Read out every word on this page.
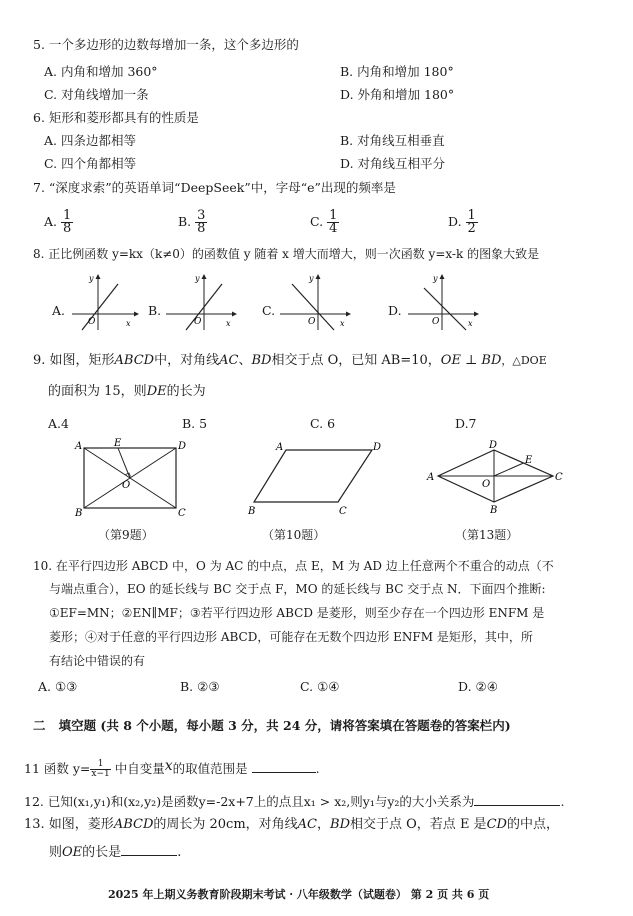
5. 一个多边形的边数每增加一条，这个多边形的
A. 内角和增加 360°	B. 内角和增加 180°
C. 对角线增加一条	D. 外角和增加 180°
6. 矩形和菱形都具有的性质是
A. 四条边都相等	B. 对角线互相垂直
C. 四个角都相等	D. 对角线互相平分
7. “深度求索”的英语单词“DeepSeek”中，字母“e”出现的频率是
A. $\frac{1}{8}$	B. $\frac{3}{8}$	C. $\frac{1}{4}$	D. $\frac{1}{2}$
8. 正比例函数 y=kx（k≠0）的函数值 y 随着 x 增大而增大，则一次函数 y=x-k 的图象大致是
A.
x
y
O
B.
x
y
O
C.
x
y
O
D.
x
y
O
9. 如图，矩形ABCD中，对角线AC、BD相交于点 O，已知 AB=10，OE ⊥ BD，△DOE
的面积为 15，则DE的长为
A.4	B. 5	C. 6	D.7
A	E	D
O
B	C
（第9题）
A	D
B	C
（第10题）
D
E
A
O
C
B
（第13题）
10. 在平行四边形 ABCD 中，O 为 AC 的中点，点 E，M 为 AD 边上任意两个不重合的动点（不
与端点重合），EO 的延长线与 BC 交于点 F，MO 的延长线与 BC 交于点 N．下面四个推断:
①EF=MN；②EN∥MF；③若平行四边形 ABCD 是菱形，则至少存在一个四边形 ENFM 是
菱形；④对于任意的平行四边形 ABCD，可能存在无数个四边形 ENFM 是矩形，其中，所
有结论中错误的有
A. ①③	B. ②③	C. ①④	D. ②④
二 填空题 (共 8 个小题，每小题 3 分，共 24 分，请将答案填在答题卷的答案栏内)
11 函数 $y= \frac{1}{x-1}$ 中自变量x的取值范围是	.
12. 已知(x₁,y₁)和(x₂,y₂)是函数y=-2x+7上的点且x₁ > x₂,则y₁与y₂的大小关系为	.
13. 如图，菱形ABCD的周长为 20cm，对角线AC，BD相交于点 O，若点 E 是CD的中点，
则OE的长是	.
2025 年上期义务教育阶段期末考试 · 八年级数学（试题卷） 第 2 页 共 6 页
